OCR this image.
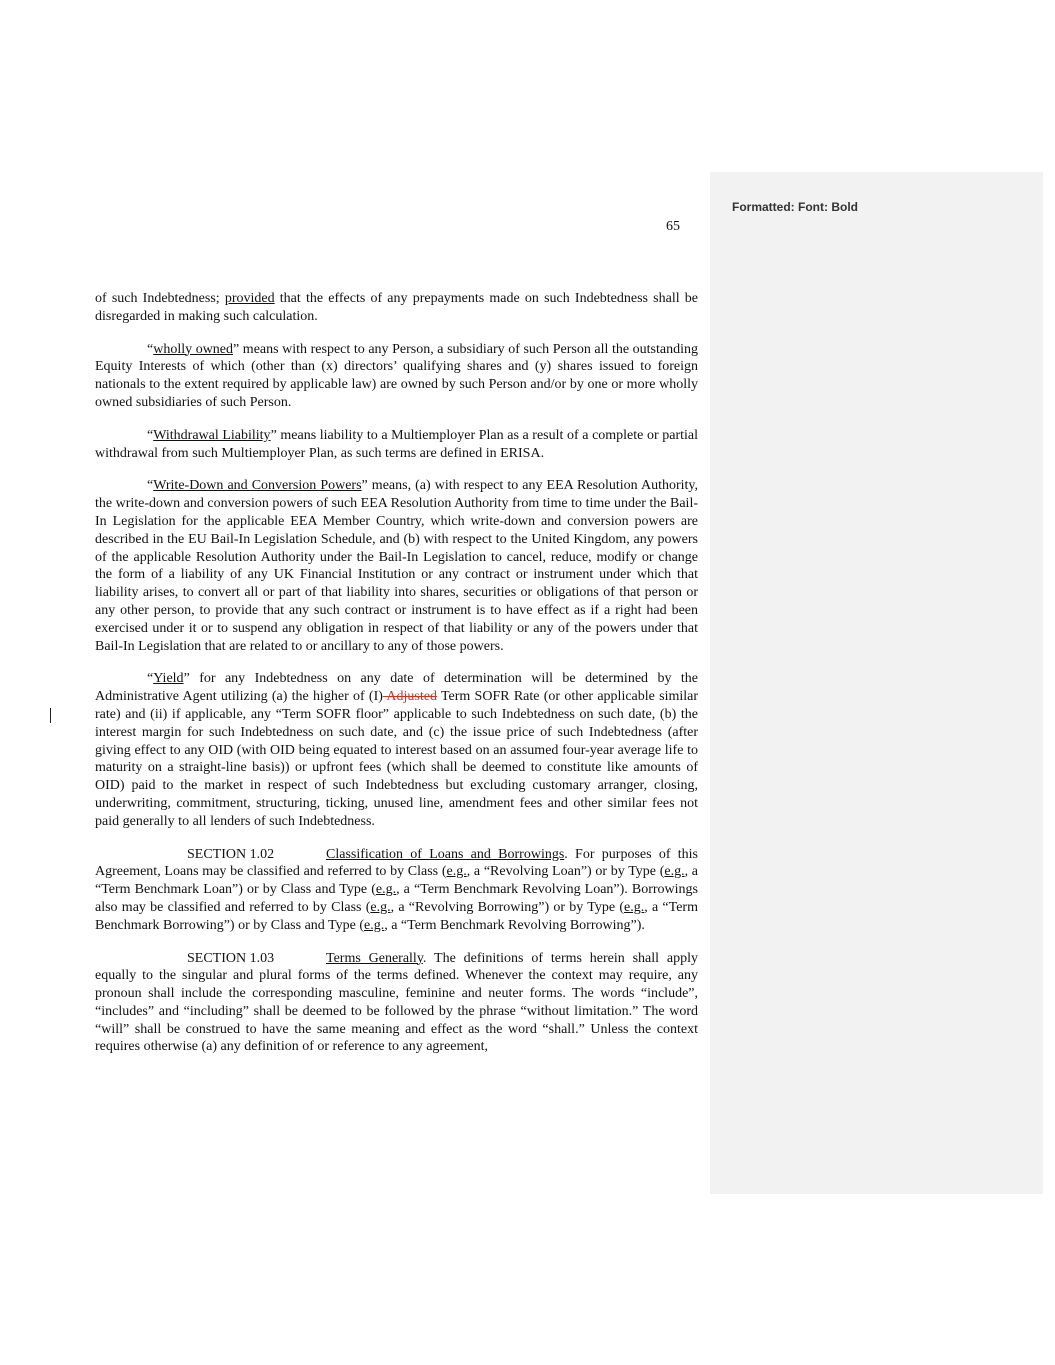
Formatted: Font: Bold
65

of such Indebtedness; provided that the effects of any prepayments made on such Indebtedness shall be disregarded in making such calculation.

“wholly owned” means with respect to any Person, a subsidiary of such Person all the outstanding Equity Interests of which (other than (x) directors’ qualifying shares and (y) shares issued to foreign nationals to the extent required by applicable law) are owned by such Person and/or by one or more wholly owned subsidiaries of such Person.

“Withdrawal Liability” means liability to a Multiemployer Plan as a result of a complete or partial withdrawal from such Multiemployer Plan, as such terms are defined in ERISA.

“Write-Down and Conversion Powers” means, (a) with respect to any EEA Resolution Authority, the write-down and conversion powers of such EEA Resolution Authority from time to time under the Bail-In Legislation for the applicable EEA Member Country, which write-down and conversion powers are described in the EU Bail-In Legislation Schedule, and (b) with respect to the United Kingdom, any powers of the applicable Resolution Authority under the Bail-In Legislation to cancel, reduce, modify or change the form of a liability of any UK Financial Institution or any contract or instrument under which that liability arises, to convert all or part of that liability into shares, securities or obligations of that person or any other person, to provide that any such contract or instrument is to have effect as if a right had been exercised under it or to suspend any obligation in respect of that liability or any of the powers under that Bail-In Legislation that are related to or ancillary to any of those powers.

“Yield” for any Indebtedness on any date of determination will be determined by the Administrative Agent utilizing (a) the higher of (I) Adjusted Term SOFR Rate (or other applicable similar rate) and (ii) if applicable, any “Term SOFR floor” applicable to such Indebtedness on such date, (b) the interest margin for such Indebtedness on such date, and (c) the issue price of such Indebtedness (after giving effect to any OID (with OID being equated to interest based on an assumed four-year average life to maturity on a straight-line basis)) or upfront fees (which shall be deemed to constitute like amounts of OID) paid to the market in respect of such Indebtedness but excluding customary arranger, closing, underwriting, commitment, structuring, ticking, unused line, amendment fees and other similar fees not paid generally to all lenders of such Indebtedness.

SECTION 1.02	Classification of Loans and Borrowings. For purposes of this Agreement, Loans may be classified and referred to by Class (e.g., a “Revolving Loan”) or by Type (e.g., a “Term Benchmark Loan”) or by Class and Type (e.g., a “Term Benchmark Revolving Loan”). Borrowings also may be classified and referred to by Class (e.g., a “Revolving Borrowing”) or by Type (e.g., a “Term Benchmark Borrowing”) or by Class and Type (e.g., a “Term Benchmark Revolving Borrowing”).

SECTION 1.03	Terms Generally. The definitions of terms herein shall apply equally to the singular and plural forms of the terms defined. Whenever the context may require, any pronoun shall include the corresponding masculine, feminine and neuter forms. The words “include”, “includes” and “including” shall be deemed to be followed by the phrase “without limitation.” The word “will” shall be construed to have the same meaning and effect as the word “shall.” Unless the context requires otherwise (a) any definition of or reference to any agreement,
